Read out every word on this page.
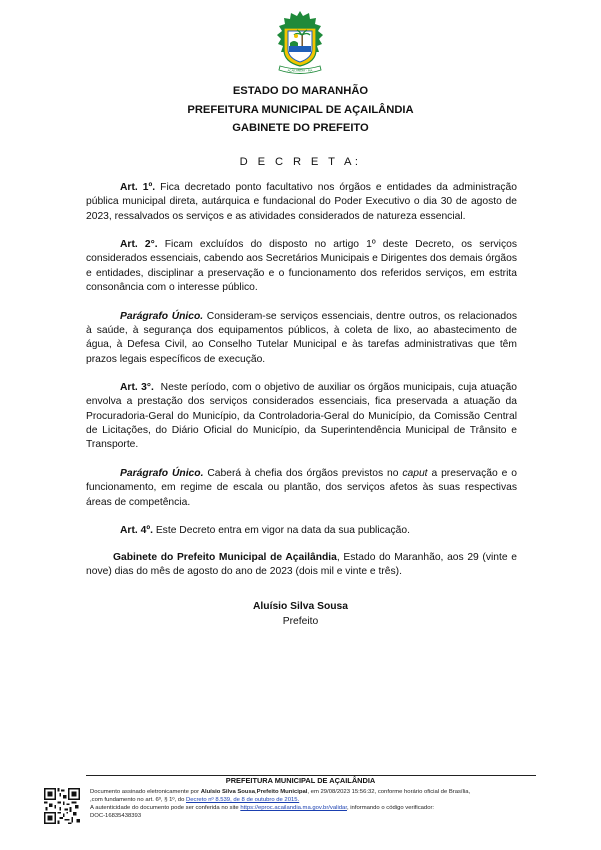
AÇAILÂNDIA - MA
ESTADO DO MARANHÃO
PREFEITURA MUNICIPAL DE AÇAILÂNDIA
GABINETE DO PREFEITO
D E C R E T A:

Art. 1º. Fica decretado ponto facultativo nos órgãos e entidades da administração pública municipal direta, autárquica e fundacional do Poder Executivo o dia 30 de agosto de 2023, ressalvados os serviços e as atividades considerados de natureza essencial.

Art. 2°. Ficam excluídos do disposto no artigo 1º deste Decreto, os serviços considerados essenciais, cabendo aos Secretários Municipais e Dirigentes dos demais órgãos e entidades, disciplinar a preservação e o funcionamento dos referidos serviços, em estrita consonância com o interesse público.

Parágrafo Único. Consideram-se serviços essenciais, dentre outros, os relacionados à saúde, à segurança dos equipamentos públicos, à coleta de lixo, ao abastecimento de água, à Defesa Civil, ao Conselho Tutelar Municipal e às tarefas administrativas que têm prazos legais específicos de execução.

Art. 3°.  Neste período, com o objetivo de auxiliar os órgãos municipais, cuja atuação envolva a prestação dos serviços considerados essenciais, fica preservada a atuação da Procuradoria-Geral do Município, da Controladoria-Geral do Município, da Comissão Central de Licitações, do Diário Oficial do Município, da Superintendência Municipal de Trânsito e Transporte.

Parágrafo Único. Caberá à chefia dos órgãos previstos no caput a preservação e o funcionamento, em regime de escala ou plantão, dos serviços afetos às suas respectivas áreas de competência.

Art. 4º. Este Decreto entra em vigor na data da sua publicação.

Gabinete do Prefeito Municipal de Açailândia, Estado do Maranhão, aos 29 (vinte e nove) dias do mês de agosto do ano de 2023 (dois mil e vinte e três).

Aluísio Silva Sousa
Prefeito
PREFEITURA MUNICIPAL DE AÇAILÂNDIA
Documento assinado eletronicamente por Aluísio Silva Sousa,Prefeito Municipal, em 29/08/2023 15:56:32, conforme horário oficial de Brasília,
,com fundamento no art. 6º, § 1º, do Decreto nº 8.539, de 8 de outubro de 2015.
A autenticidade do documento pode ser conferida no site https://eproc.acailandia.ma.gov.br/validar, informando o código verificador:
DOC-16835438393
